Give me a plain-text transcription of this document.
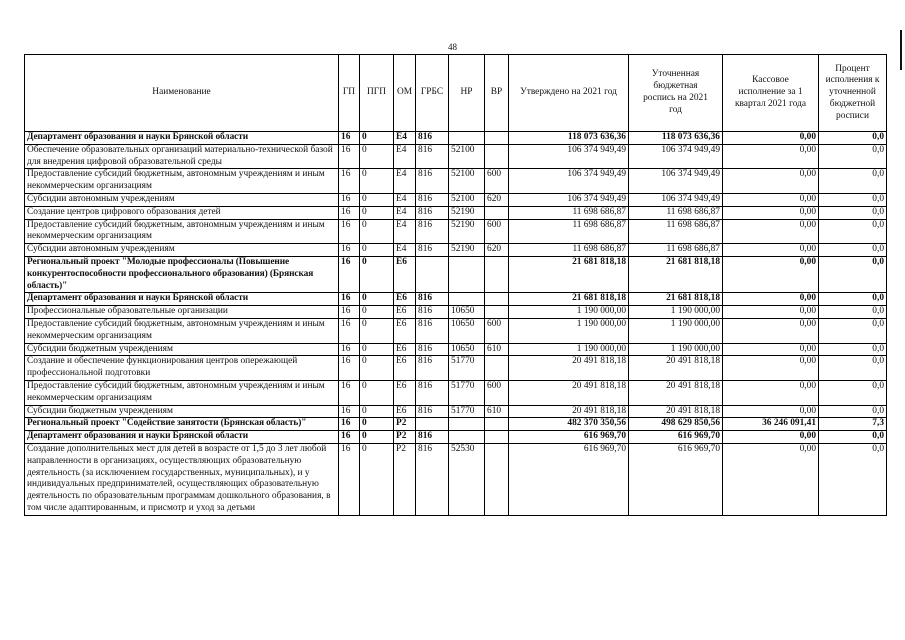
48
Наименование	ГП	ПГП	ОМ	ГРБС	НР	ВР	Утверждено на 2021 год	Уточненная бюджетная роспись на 2021 год	Кассовое исполнение за 1 квартал 2021 года	Процент исполнения к уточненной бюджетной росписи
Департамент образования и науки Брянской области	16	0	E4	816			118 073 636,36	118 073 636,36	0,00	0,0
Обеспечение образовательных организаций материально-технической базой для внедрения цифровой образовательной среды	16	0	E4	816	52100		106 374 949,49	106 374 949,49	0,00	0,0
Предоставление субсидий бюджетным, автономным учреждениям и иным некоммерческим организациям	16	0	E4	816	52100	600	106 374 949,49	106 374 949,49	0,00	0,0
Субсидии автономным учреждениям	16	0	E4	816	52100	620	106 374 949,49	106 374 949,49	0,00	0,0
Создание центров цифрового образования детей	16	0	E4	816	52190		11 698 686,87	11 698 686,87	0,00	0,0
Предоставление субсидий бюджетным, автономным учреждениям и иным некоммерческим организациям	16	0	E4	816	52190	600	11 698 686,87	11 698 686,87	0,00	0,0
Субсидии автономным учреждениям	16	0	E4	816	52190	620	11 698 686,87	11 698 686,87	0,00	0,0
Региональный проект "Молодые профессионалы (Повышение конкурентоспособности профессионального образования) (Брянская область)"	16	0	E6				21 681 818,18	21 681 818,18	0,00	0,0
Департамент образования и науки Брянской области	16	0	E6	816			21 681 818,18	21 681 818,18	0,00	0,0
Профессиональные образовательные организации	16	0	E6	816	10650		1 190 000,00	1 190 000,00	0,00	0,0
Предоставление субсидий бюджетным, автономным учреждениям и иным некоммерческим организациям	16	0	E6	816	10650	600	1 190 000,00	1 190 000,00	0,00	0,0
Субсидии бюджетным учреждениям	16	0	E6	816	10650	610	1 190 000,00	1 190 000,00	0,00	0,0
Создание и обеспечение функционирования центров опережающей профессиональной подготовки	16	0	E6	816	51770		20 491 818,18	20 491 818,18	0,00	0,0
Предоставление субсидий бюджетным, автономным учреждениям и иным некоммерческим организациям	16	0	E6	816	51770	600	20 491 818,18	20 491 818,18	0,00	0,0
Субсидии бюджетным учреждениям	16	0	E6	816	51770	610	20 491 818,18	20 491 818,18	0,00	0,0
Региональный проект "Содействие занятости (Брянская область)"	16	0	P2				482 370 350,56	498 629 850,56	36 246 091,41	7,3
Департамент образования и науки Брянской области	16	0	P2	816			616 969,70	616 969,70	0,00	0,0
Создание дополнительных мест для детей в возрасте от 1,5 до 3 лет любой направленности в организациях, осуществляющих образовательную деятельность (за исключением государственных, муниципальных), и у индивидуальных предпринимателей, осуществляющих образовательную деятельность по образовательным программам дошкольного образования, в том числе адаптированным, и присмотр и уход за детьми	16	0	P2	816	52530		616 969,70	616 969,70	0,00	0,0
